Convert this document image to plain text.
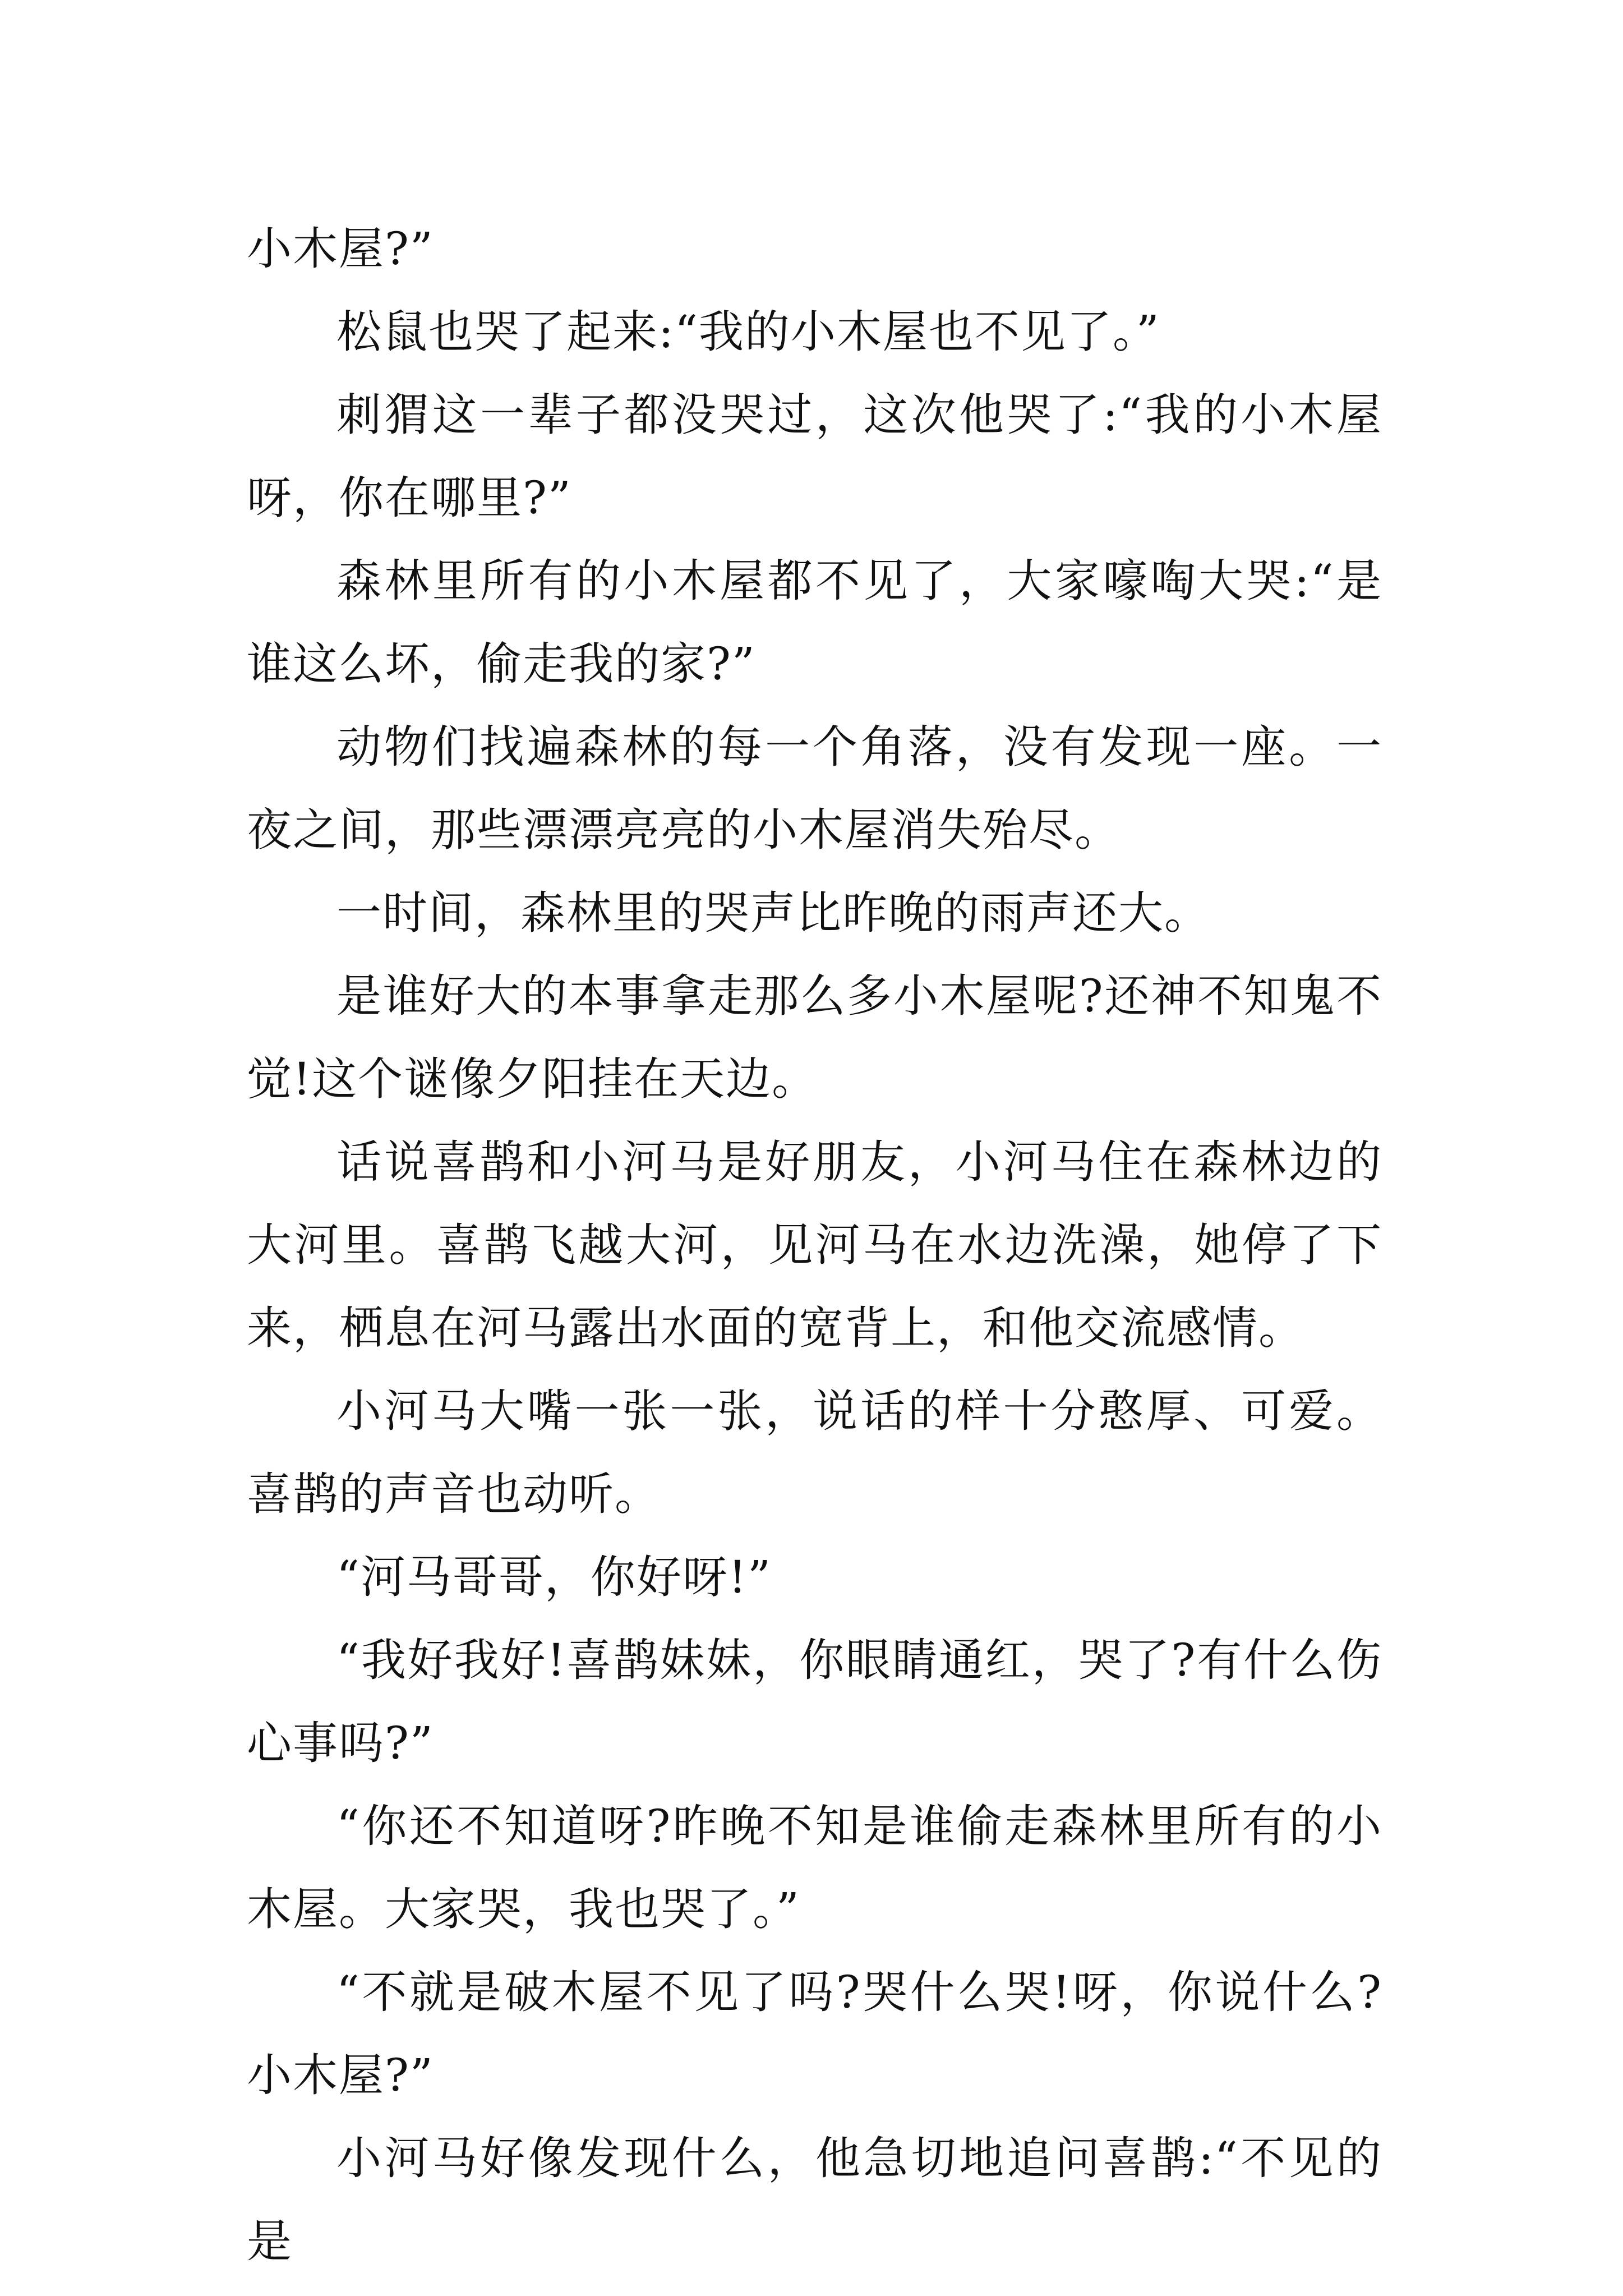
小木屋?”

松鼠也哭了起来:“我的小木屋也不见了。”

刺猬这一辈子都没哭过，这次他哭了:“我的小木屋呀，你在哪里?”

森林里所有的小木屋都不见了，大家嚎啕大哭:“是谁这么坏，偷走我的家?”

动物们找遍森林的每一个角落，没有发现一座。一夜之间，那些漂漂亮亮的小木屋消失殆尽。

一时间，森林里的哭声比昨晚的雨声还大。

是谁好大的本事拿走那么多小木屋呢?还神不知鬼不觉!这个谜像夕阳挂在天边。

话说喜鹊和小河马是好朋友，小河马住在森林边的大河里。喜鹊飞越大河，见河马在水边洗澡，她停了下来，栖息在河马露出水面的宽背上，和他交流感情。

小河马大嘴一张一张，说话的样十分憨厚、可爱。喜鹊的声音也动听。

“河马哥哥，你好呀!”

“我好我好!喜鹊妹妹，你眼睛通红，哭了?有什么伤心事吗?”

“你还不知道呀?昨晚不知是谁偷走森林里所有的小木屋。大家哭，我也哭了。”

“不就是破木屋不见了吗?哭什么哭!呀，你说什么?小木屋?”

小河马好像发现什么，他急切地追问喜鹊:“不见的是
